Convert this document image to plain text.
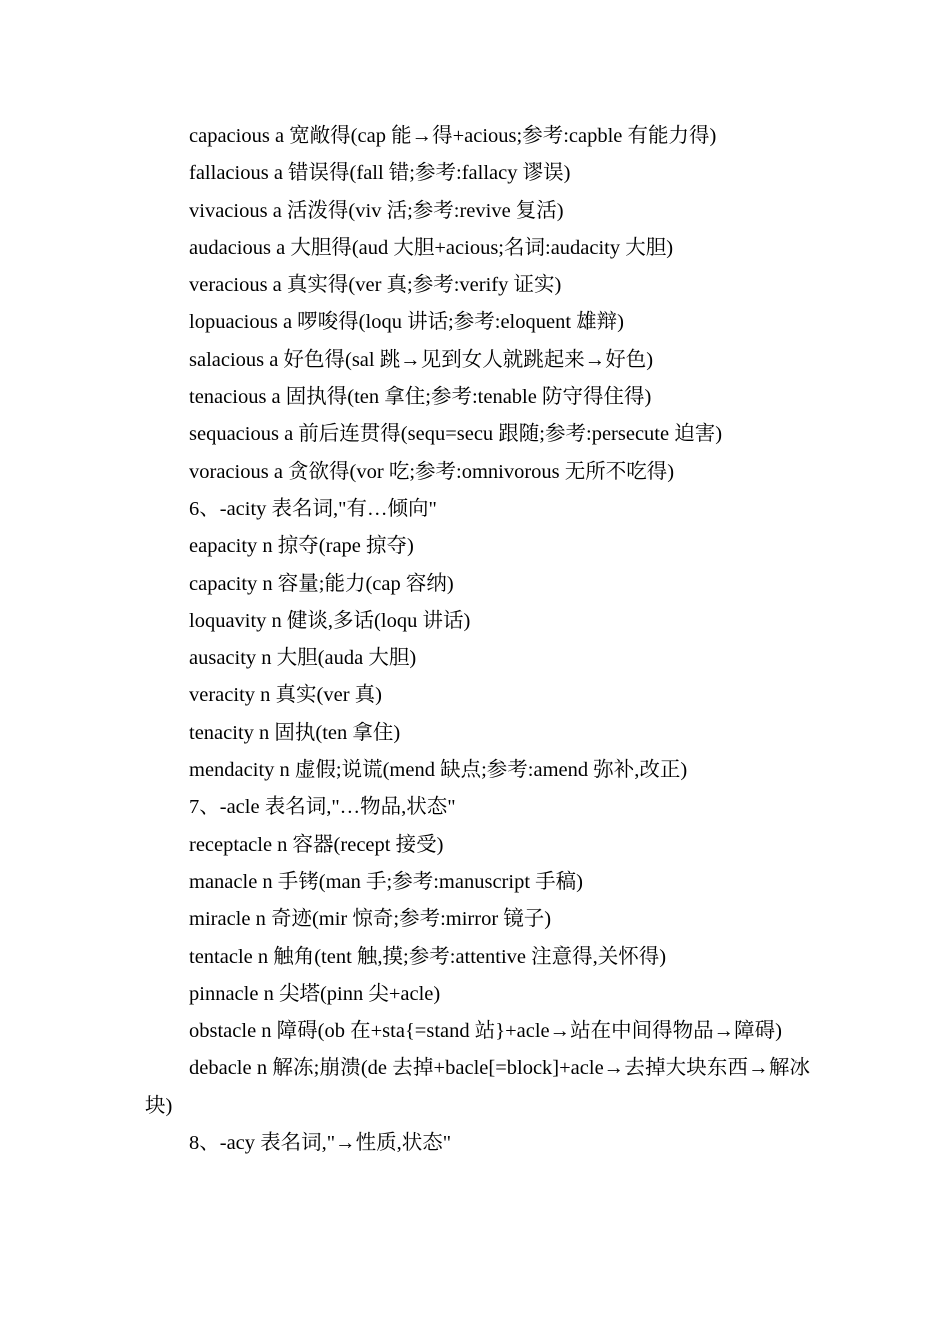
capacious a 宽敞得(cap 能→得+acious;参考:capble 有能力得)
fallacious a 错误得(fall 错;参考:fallacy 谬误)
vivacious a 活泼得(viv 活;参考:revive 复活)
audacious a 大胆得(aud 大胆+acious;名词:audacity 大胆)
veracious a 真实得(ver 真;参考:verify 证实)
lopuacious a 啰唆得(loqu 讲话;参考:eloquent 雄辩)
salacious a 好色得(sal 跳→见到女人就跳起来→好色)
tenacious a 固执得(ten 拿住;参考:tenable 防守得住得)
sequacious a 前后连贯得(sequ=secu 跟随;参考:persecute 迫害)
voracious a 贪欲得(vor 吃;参考:omnivorous 无所不吃得)
6、-acity 表名词,"有…倾向"
eapacity n 掠夺(rape 掠夺)
capacity n 容量;能力(cap 容纳)
loquavity n 健谈,多话(loqu 讲话)
ausacity n 大胆(auda 大胆)
veracity n 真实(ver 真)
tenacity n 固执(ten 拿住)
mendacity n 虚假;说谎(mend 缺点;参考:amend 弥补,改正)
7、-acle 表名词,"…物品,状态"
receptacle n 容器(recept 接受)
manacle n 手铐(man 手;参考:manuscript 手稿)
miracle n 奇迹(mir 惊奇;参考:mirror 镜子)
tentacle n 触角(tent 触,摸;参考:attentive 注意得,关怀得)
pinnacle n 尖塔(pinn 尖+acle)
obstacle n 障碍(ob 在+sta{=stand 站}+acle→站在中间得物品→障碍)
debacle n 解冻;崩溃(de 去掉+bacle[=block]+acle→去掉大块东西→解冰块)
8、-acy 表名词,"→性质,状态"
